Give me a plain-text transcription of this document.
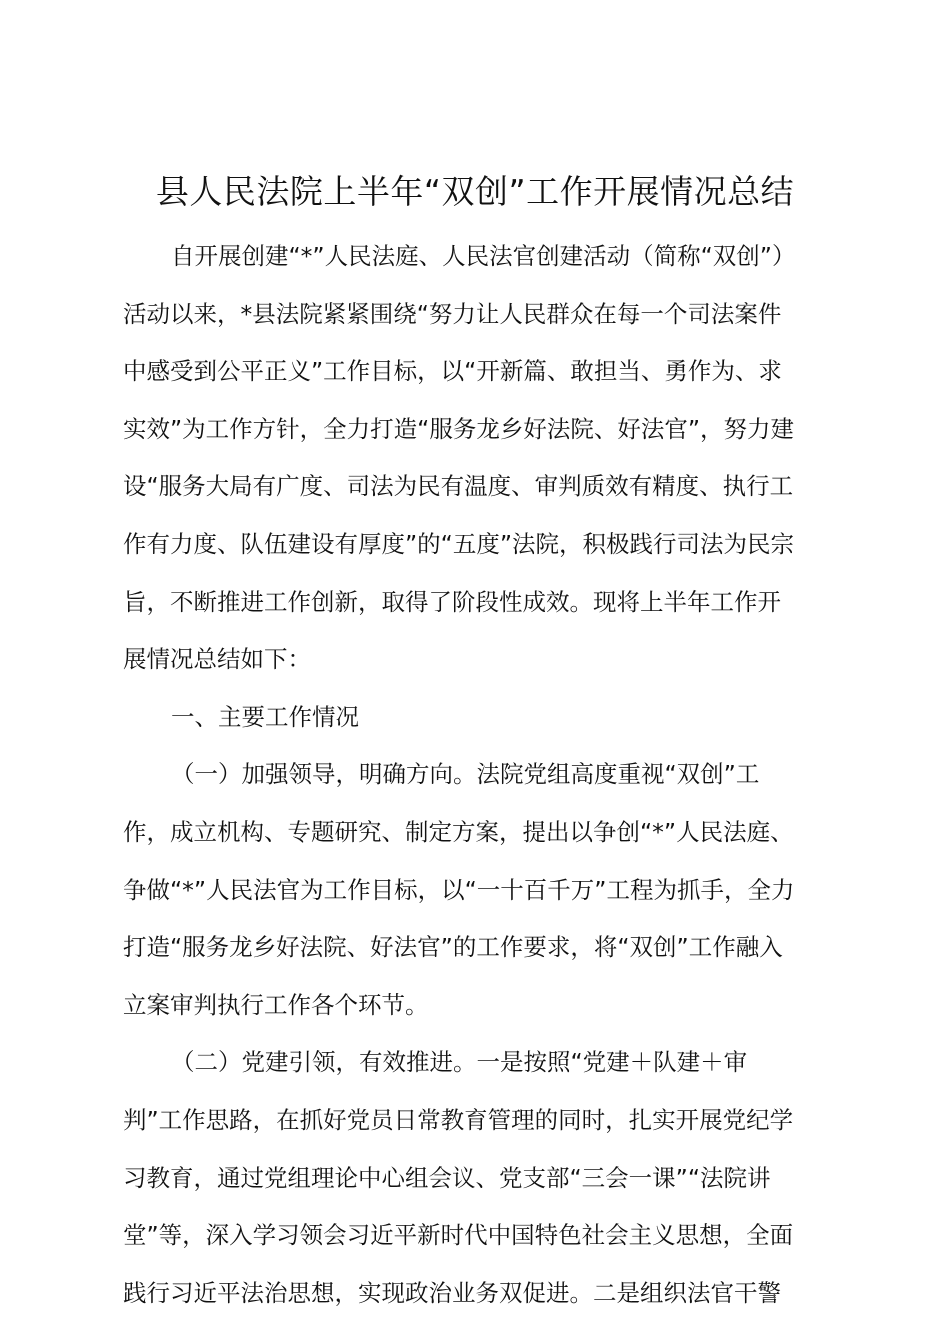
县人民法院上半年“双创”工作开展情况总结
自开展创建“*”人民法庭、人民法官创建活动（简称“双创”）
活动以来，*县法院紧紧围绕“努力让人民群众在每一个司法案件
中感受到公平正义”工作目标，以“开新篇、敢担当、勇作为、求
实效”为工作方针，全力打造“服务龙乡好法院、好法官”，努力建
设“服务大局有广度、司法为民有温度、审判质效有精度、执行工
作有力度、队伍建设有厚度”的“五度”法院，积极践行司法为民宗
旨，不断推进工作创新，取得了阶段性成效。现将上半年工作开
展情况总结如下：
一、主要工作情况
（一）加强领导，明确方向。法院党组高度重视“双创”工
作，成立机构、专题研究、制定方案，提出以争创“*”人民法庭、
争做“*”人民法官为工作目标，以“一十百千万”工程为抓手，全力
打造“服务龙乡好法院、好法官”的工作要求，将“双创”工作融入
立案审判执行工作各个环节。
（二）党建引领，有效推进。一是按照“党建＋队建＋审
判”工作思路，在抓好党员日常教育管理的同时，扎实开展党纪学
习教育，通过党组理论中心组会议、党支部“三会一课”“法院讲
堂”等，深入学习领会习近平新时代中国特色社会主义思想，全面
践行习近平法治思想，实现政治业务双促进。二是组织法官干警
